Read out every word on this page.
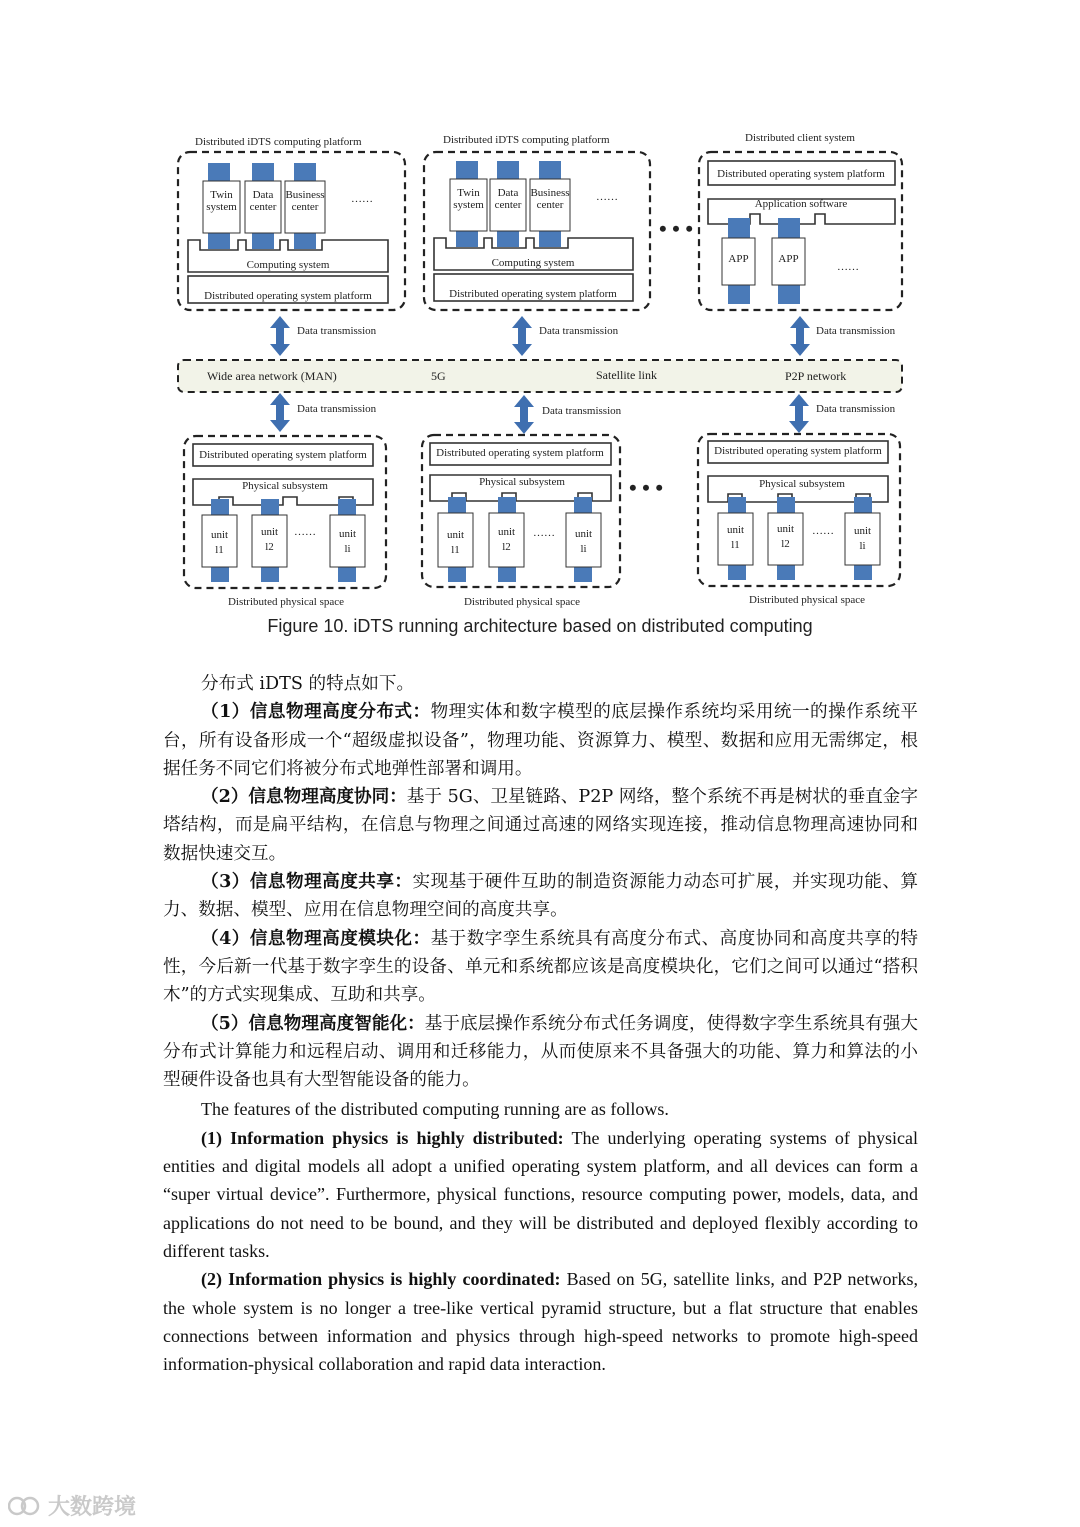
Distributed iDTS computing platform
Twin system
Data center
Business center
……
Computing system
Distributed operating system platform
Distributed iDTS computing platform
Twin system
Data center
Business center
……
Computing system
Distributed operating system platform
• • •
Distributed client system
Distributed operating system platform
Application software
APP	APP
……
Data transmission	Data transmission	Data transmission
Wide area network (MAN)	5G	Satellite link	P2P network
Data transmission	Data transmission	Data transmission
Distributed operating system platform
Physical subsystem
unit
l1
unit
l2
…… unit
li
Distributed physical space
Distributed operating system platform
Physical subsystem
unit
l1
unit
l2
…… unit
li
Distributed physical space
• • •
Distributed operating system platform
Physical subsystem
unit
l1
unit
l2
…… unit
li
Distributed physical space
Figure 10. iDTS running architecture based on distributed computing

分布式 iDTS 的特点如下。

（1）信息物理高度分布式：物理实体和数字模型的底层操作系统均采用统一的操作系统平台，所有设备形成一个“超级虚拟设备”，物理功能、资源算力、模型、数据和应用无需绑定，根据任务不同它们将被分布式地弹性部署和调用。

（2）信息物理高度协同：基于 5G、卫星链路、P2P 网络，整个系统不再是树状的垂直金字塔结构，而是扁平结构，在信息与物理之间通过高速的网络实现连接，推动信息物理高速协同和数据快速交互。

（3）信息物理高度共享：实现基于硬件互助的制造资源能力动态可扩展，并实现功能、算力、数据、模型、应用在信息物理空间的高度共享。

（4）信息物理高度模块化：基于数字孪生系统具有高度分布式、高度协同和高度共享的特性，今后新一代基于数字孪生的设备、单元和系统都应该是高度模块化，它们之间可以通过“搭积木”的方式实现集成、互助和共享。

（5）信息物理高度智能化：基于底层操作系统分布式任务调度，使得数字孪生系统具有强大分布式计算能力和远程启动、调用和迁移能力，从而使原来不具备强大的功能、算力和算法的小型硬件设备也具有大型智能设备的能力。

The features of the distributed computing running are as follows.

(1) Information physics is highly distributed: The underlying operating systems of physical entities and digital models all adopt a unified operating system platform, and all devices can form a “super virtual device”. Furthermore, physical functions, resource computing power, models, data, and applications do not need to be bound, and they will be distributed and deployed flexibly according to different tasks.

(2) Information physics is highly coordinated: Based on 5G, satellite links, and P2P networks, the whole system is no longer a tree-like vertical pyramid structure, but a flat structure that enables connections between information and physics through high-speed networks to promote high-speed information-physical collaboration and rapid data interaction.

大数跨境
